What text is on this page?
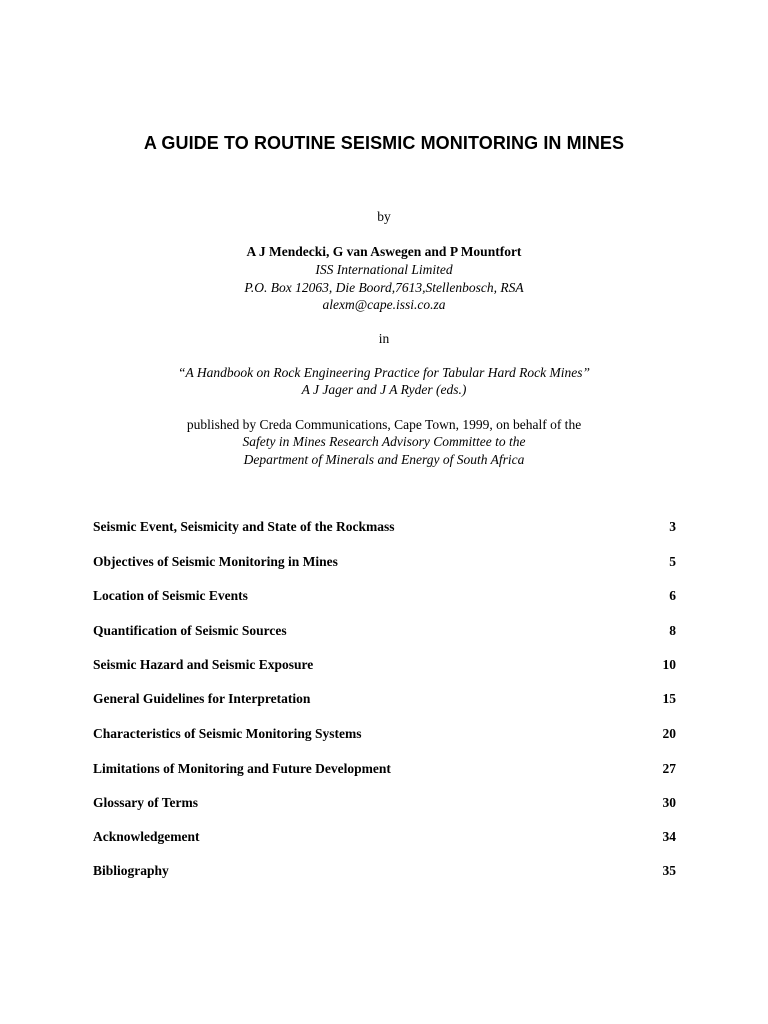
A GUIDE TO ROUTINE SEISMIC MONITORING IN MINES
by
A J Mendecki, G van Aswegen and P Mountfort
ISS International Limited
P.O. Box 12063, Die Boord,7613,Stellenbosch, RSA
alexm@cape.issi.co.za
in
“A Handbook on Rock Engineering Practice for Tabular Hard Rock Mines”
A J Jager and J A Ryder (eds.)
published by Creda Communications, Cape Town, 1999, on behalf of the
Safety in Mines Research Advisory Committee to the
Department of Minerals and Energy of South Africa
Seismic Event, Seismicity and State of the Rockmass	3
Objectives of Seismic Monitoring in Mines	5
Location of Seismic Events	6
Quantification of Seismic Sources	8
Seismic Hazard and Seismic Exposure	10
General Guidelines for Interpretation	15
Characteristics of Seismic Monitoring Systems	20
Limitations of Monitoring and Future Development	27
Glossary of Terms	30
Acknowledgement	34
Bibliography	35
